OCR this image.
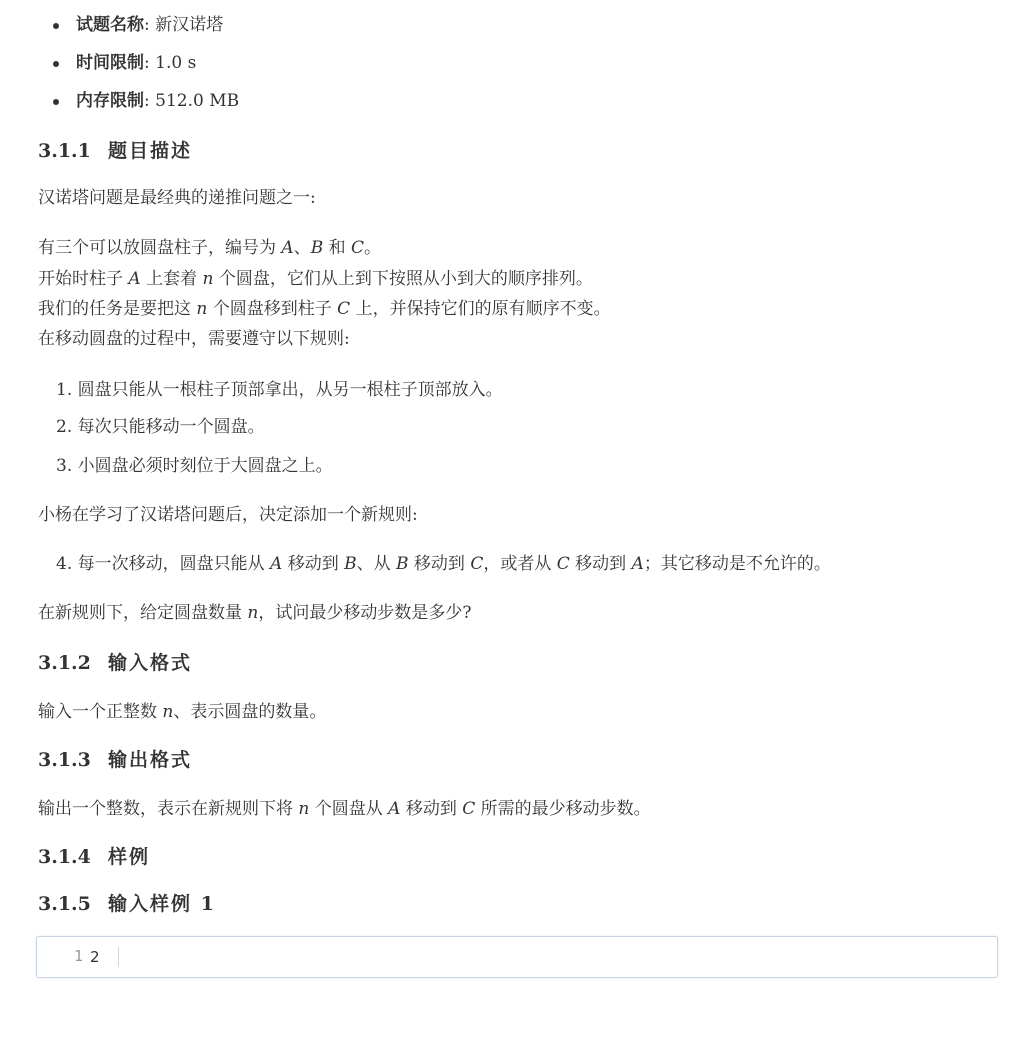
试题名称: 新汉诺塔
时间限制: 1.0 s
内存限制: 512.0 MB
3.1.1 题目描述
汉诺塔问题是最经典的递推问题之一:
有三个可以放圆盘柱子，编号为 A、B 和 C。
开始时柱子 A 上套着 n 个圆盘，它们从上到下按照从小到大的顺序排列。
我们的任务是要把这 n 个圆盘移到柱子 C 上，并保持它们的原有顺序不变。
在移动圆盘的过程中，需要遵守以下规则:
1. 圆盘只能从一根柱子顶部拿出，从另一根柱子顶部放入。
2. 每次只能移动一个圆盘。
3. 小圆盘必须时刻位于大圆盘之上。
小杨在学习了汉诺塔问题后，决定添加一个新规则:
4. 每一次移动，圆盘只能从 A 移动到 B、从 B 移动到 C，或者从 C 移动到 A；其它移动是不允许的。
在新规则下，给定圆盘数量 n，试问最少移动步数是多少?
3.1.2 输入格式
输入一个正整数 n、表示圆盘的数量。
3.1.3 输出格式
输出一个整数，表示在新规则下将 n 个圆盘从 A 移动到 C 所需的最少移动步数。
3.1.4 样例
3.1.5 输入样例 1
1 2
